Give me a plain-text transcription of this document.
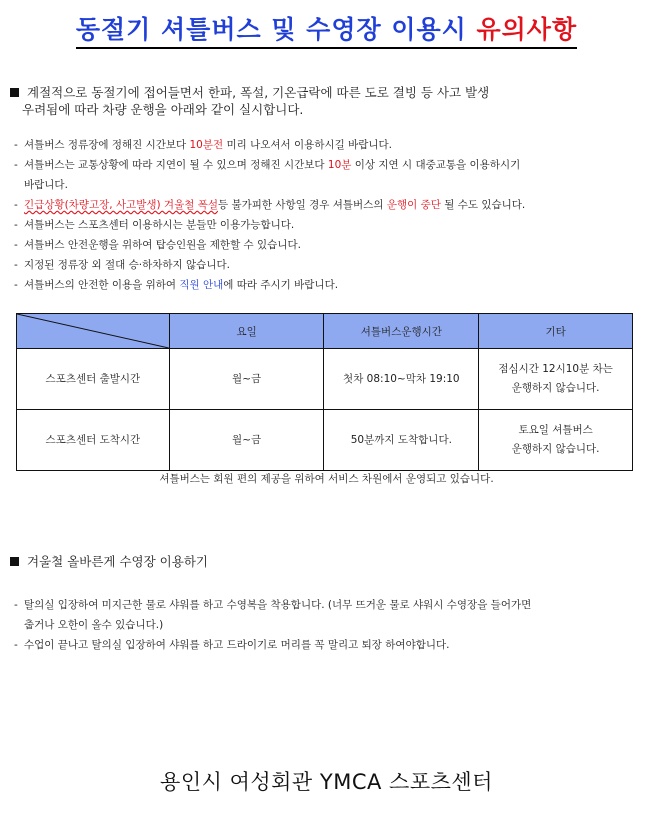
동절기 셔틀버스 및 수영장 이용시 유의사항
계절적으로 동절기에 접어들면서 한파, 폭설, 기온급락에 따른 도로 결빙 등 사고 발생
우려됨에 따라 차량 운행을 아래와 같이 실시합니다.
- 셔틀버스 정류장에 정해진 시간보다 10분전 미리 나오셔서 이용하시길 바랍니다.
- 셔틀버스는 교통상황에 따라 지연이 될 수 있으며 정해진 시간보다 10분 이상 지연 시 대중교통을 이용하시기
바랍니다.
- 긴급상황(차량고장, 사고발생) 겨울철 폭설등 불가피한 사항일 경우 셔틀버스의 운행이 중단 될 수도 있습니다.
- 셔틀버스는 스포츠센터 이용하시는 분들만 이용가능합니다.
- 셔틀버스 안전운행을 위하여 탑승인원을 제한할 수 있습니다.
- 지정된 정류장 외 절대 승·하차하지 않습니다.
- 셔틀버스의 안전한 이용을 위하여 직원 안내에 따라 주시기 바랍니다.
	요일	셔틀버스운행시간	기타
스포츠센터 출발시간	월~금	첫차 08:10~막차 19:10	점심시간 12시10분 차는
운행하지 않습니다.
스포츠센터 도착시간	월~금	50분까지 도착합니다.	토요일 셔틀버스
운행하지 않습니다.
셔틀버스는 회원 편의 제공을 위하여 서비스 차원에서 운영되고 있습니다.
겨울철 올바른게 수영장 이용하기
- 탈의실 입장하여 미지근한 물로 샤워를 하고 수영복을 착용합니다. (너무 뜨거운 물로 샤워시 수영장을 들어가면
춥거나 오한이 올수 있습니다.)
- 수업이 끝나고 탈의실 입장하여 샤워를 하고 드라이기로 머리를 꼭 말리고 퇴장 하여야합니다.
용인시 여성회관 YMCA 스포츠센터
